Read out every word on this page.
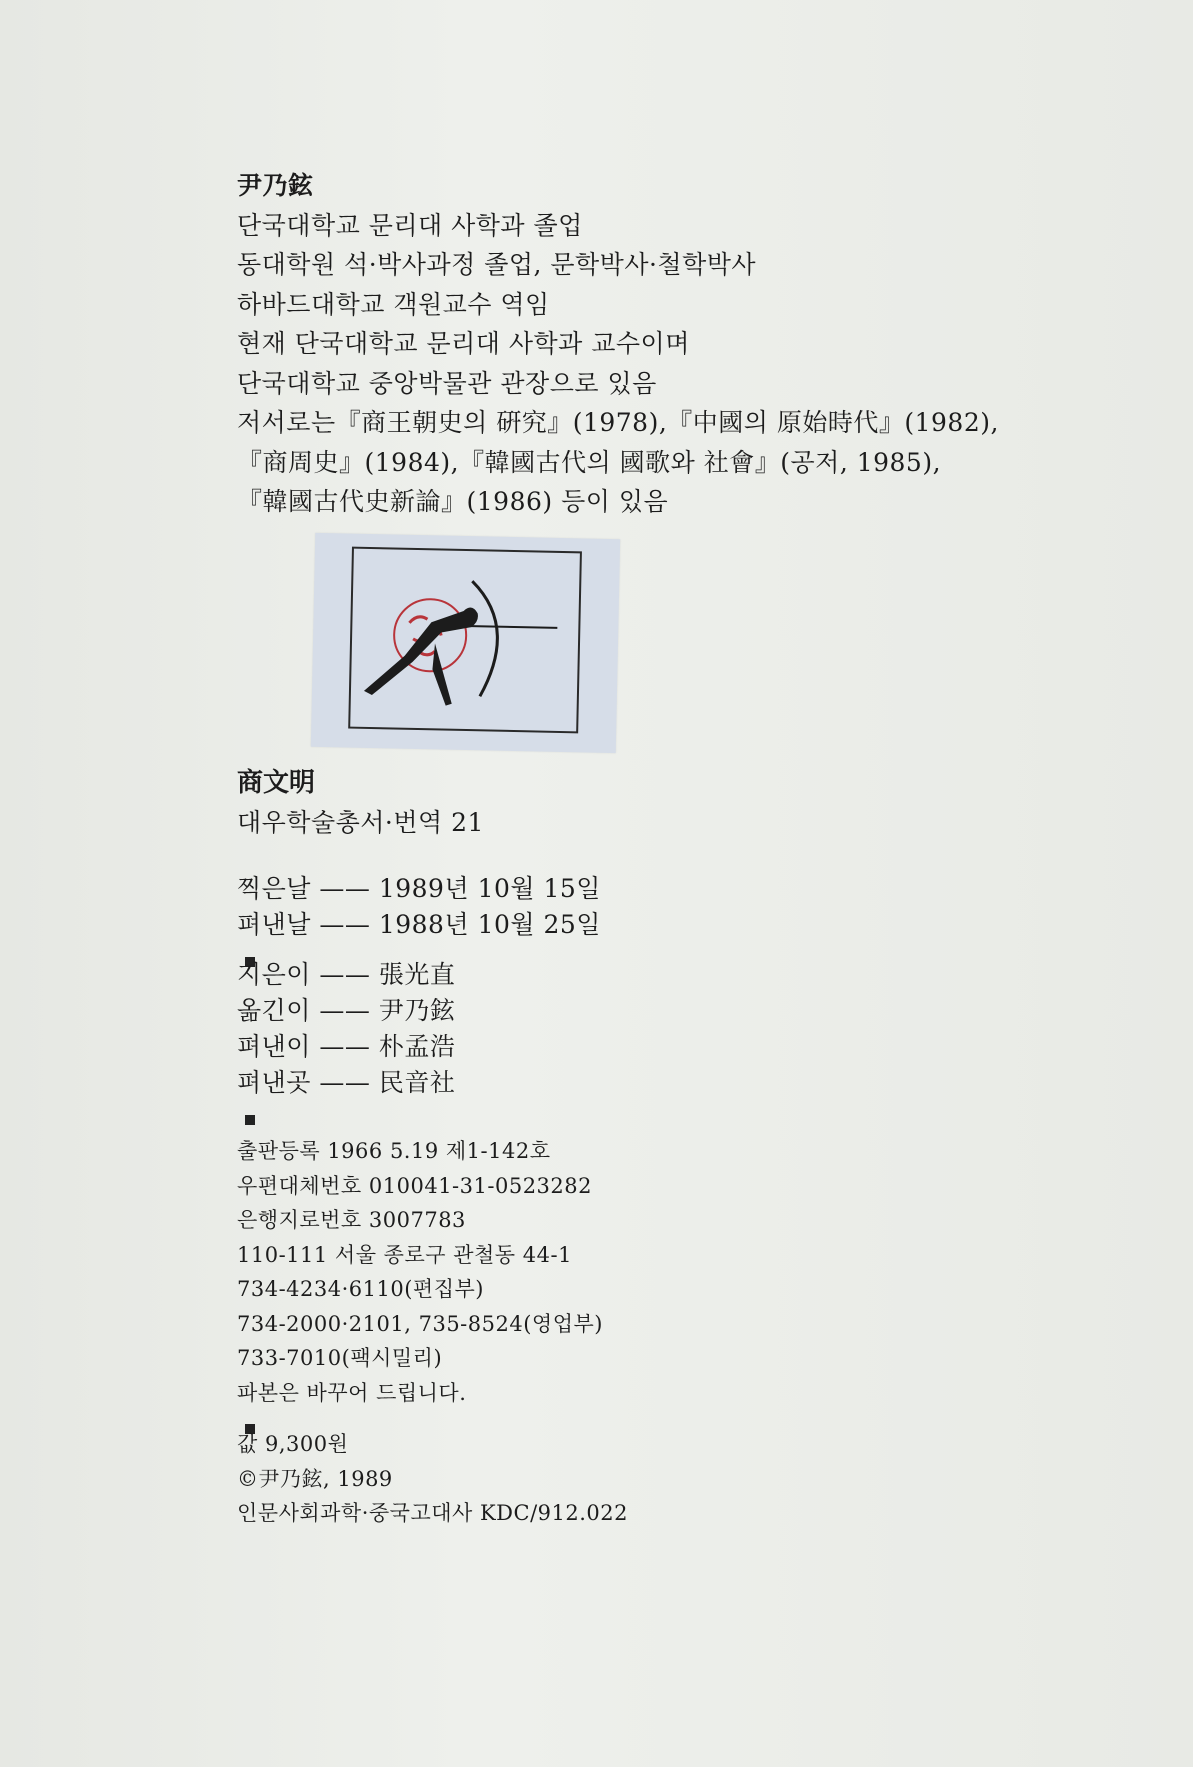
尹乃鉉
단국대학교 문리대 사학과 졸업
동대학원 석·박사과정 졸업, 문학박사·철학박사
하바드대학교 객원교수 역임
현재 단국대학교 문리대 사학과 교수이며
단국대학교 중앙박물관 관장으로 있음
저서로는『商王朝史의 硏究』(1978),『中國의 原始時代』(1982),
『商周史』(1984),『韓國古代의 國歌와 社會』(공저, 1985),
『韓國古代史新論』(1986) 등이 있음
商文明
대우학술총서·번역 21
찍은날 —— 1989년 10월 15일
펴낸날 —— 1988년 10월 25일
지은이 —— 張光直
옮긴이 —— 尹乃鉉
펴낸이 —— 朴孟浩
펴낸곳 —— 民音社
출판등록 1966 5.19 제1-142호
우편대체번호 010041-31-0523282
은행지로번호 3007783
110-111 서울 종로구 관철동 44-1
734-4234·6110(편집부)
734-2000·2101, 735-8524(영업부)
733-7010(팩시밀리)
파본은 바꾸어 드립니다.
값 9,300원
©尹乃鉉, 1989
인문사회과학·중국고대사 KDC/912.022
